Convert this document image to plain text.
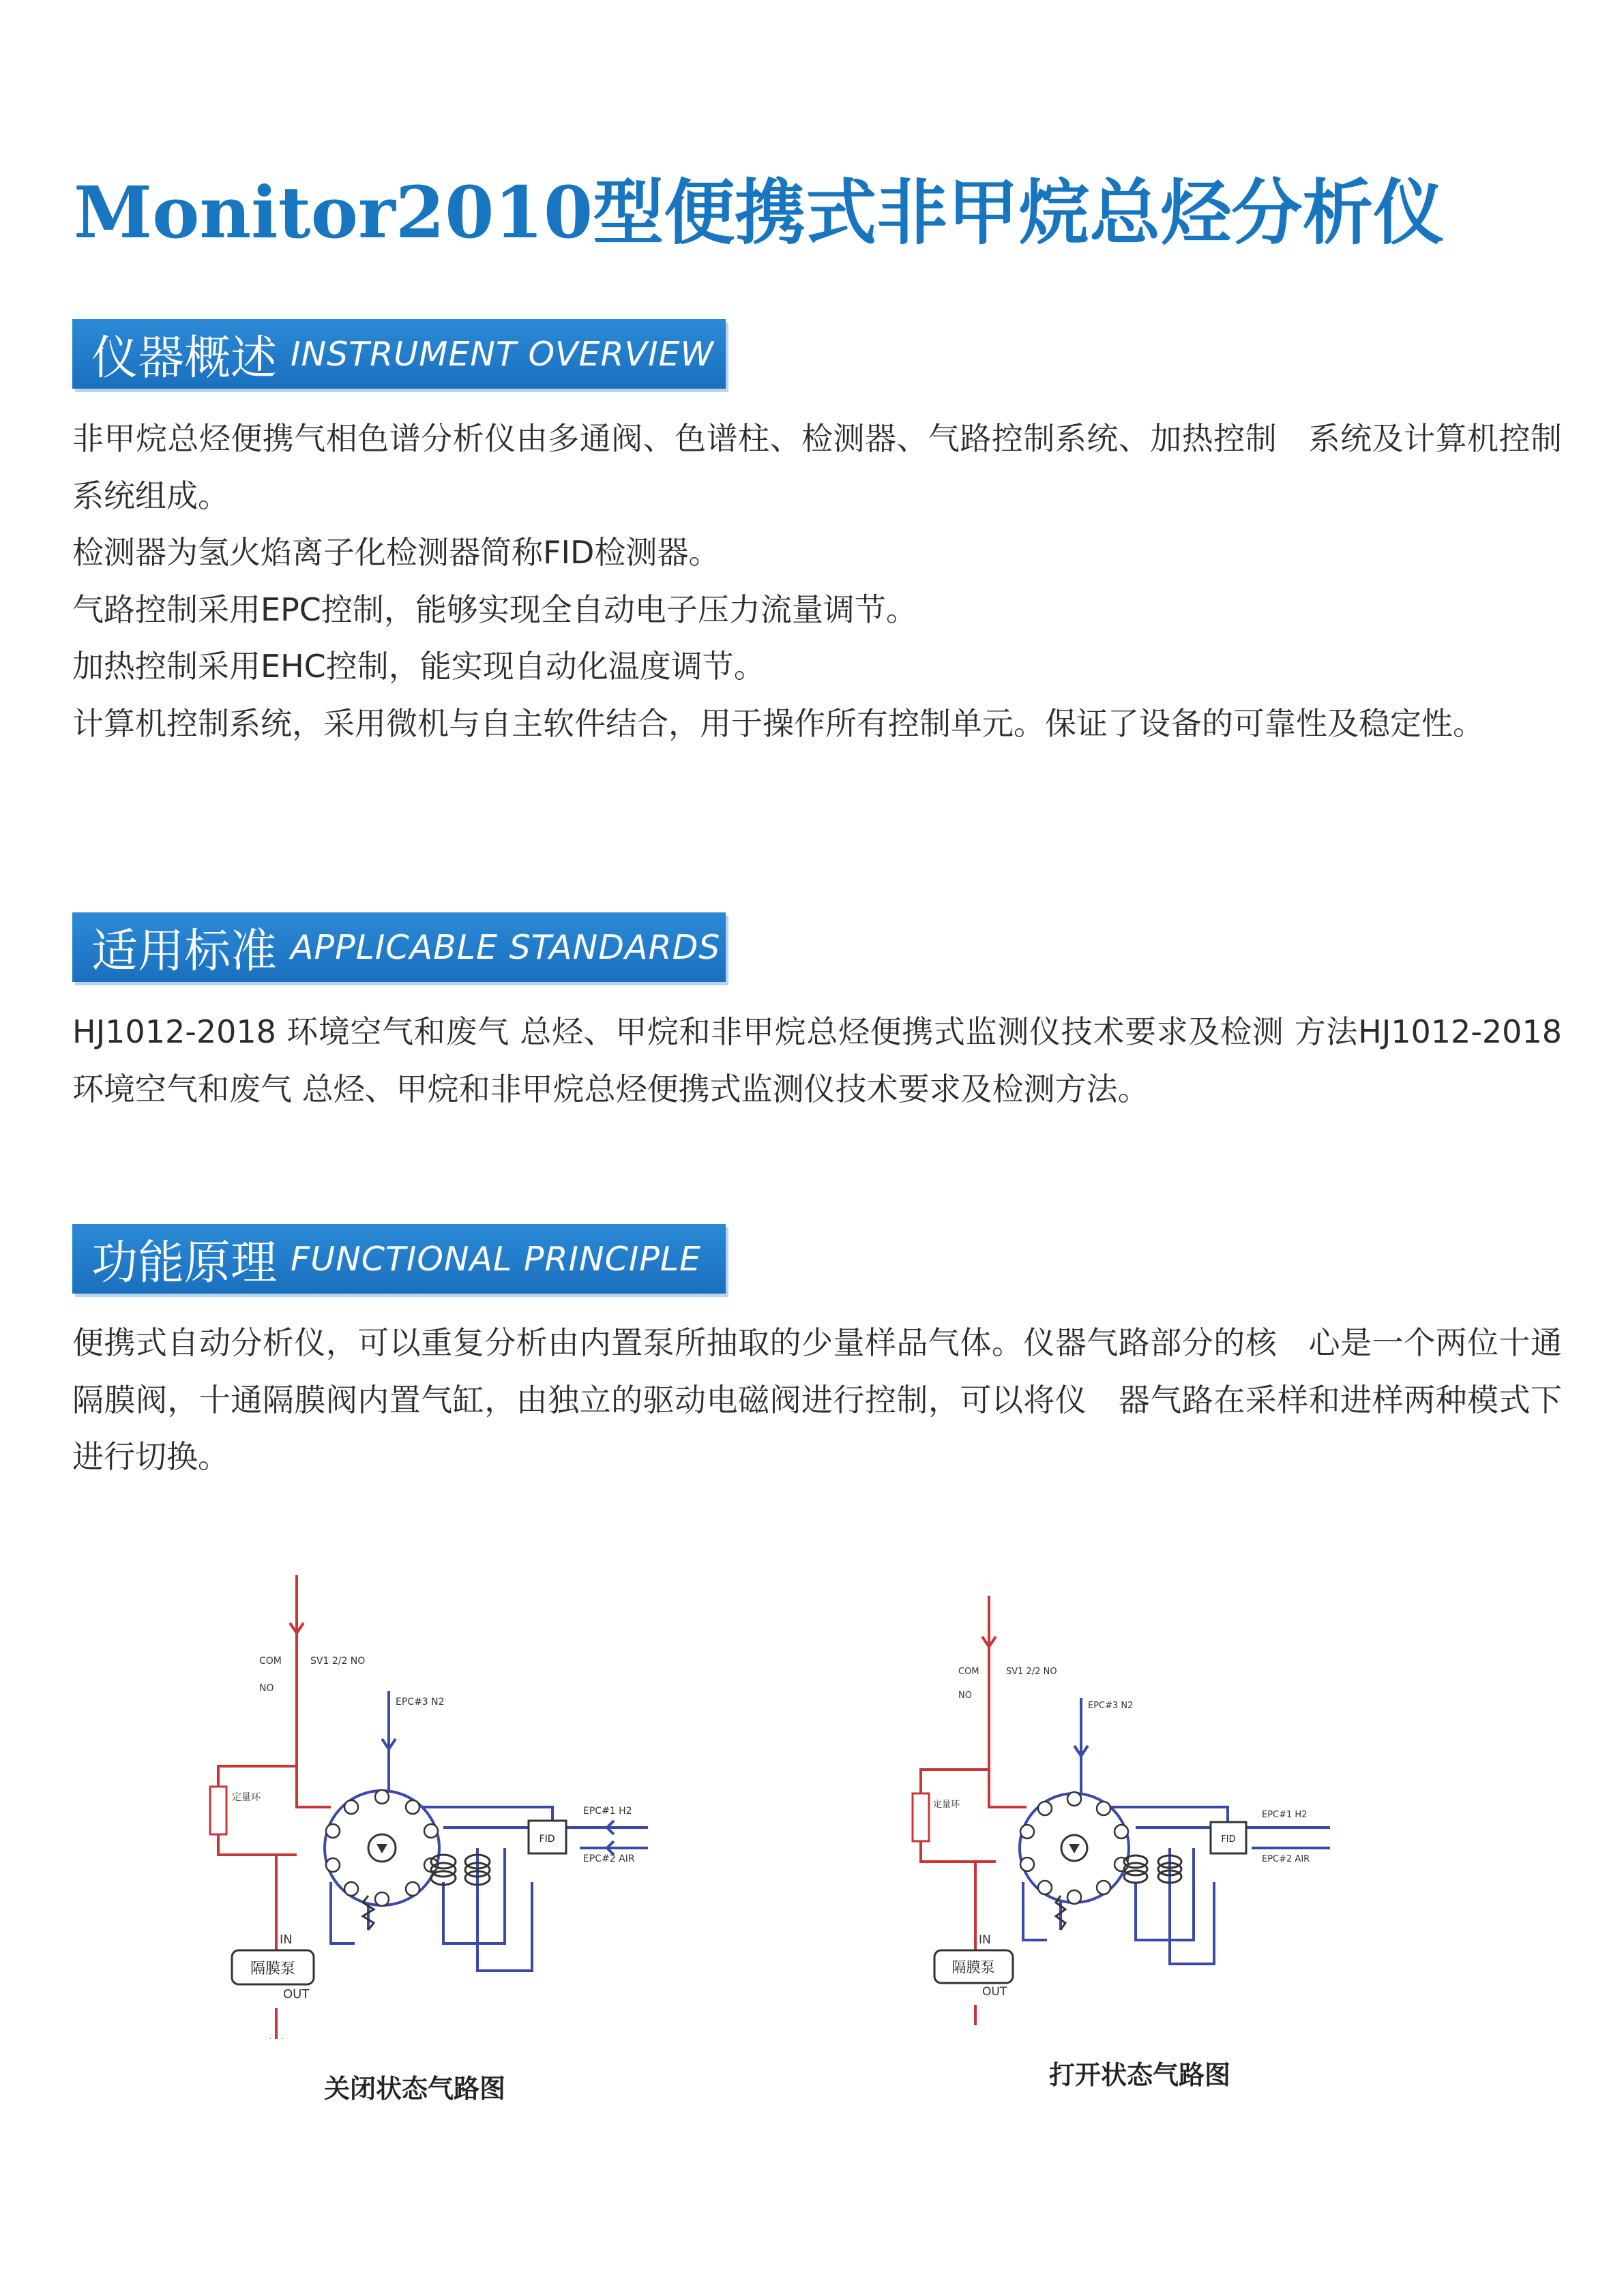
Monitor2010型便携式非甲烷总烃分析仪
仪器概述 INSTRUMENT OVERVIEW

非甲烷总烃便携气相色谱分析仪由多通阀、色谱柱、检测器、气路控制系统、加热控制　系统及计算机控制系统组成。

检测器为氢火焰离子化检测器简称FID检测器。

气路控制采用EPC控制，能够实现全自动电子压力流量调节。

加热控制采用EHC控制，能实现自动化温度调节。

计算机控制系统，采用微机与自主软件结合，用于操作所有控制单元。保证了设备的可靠性及稳定性。

适用标准 APPLICABLE STANDARDS

HJ1012-2018 环境空气和废气 总烃、甲烷和非甲烷总烃便携式监测仪技术要求及检测 方法HJ1012-2018 环境空气和废气 总烃、甲烷和非甲烷总烃便携式监测仪技术要求及检测方法。

功能原理 FUNCTIONAL PRINCIPLE

便携式自动分析仪，可以重复分析由内置泵所抽取的少量样品气体。仪器气路部分的核　心是一个两位十通隔膜阀，十通隔膜阀内置气缸，由独立的驱动电磁阀进行控制，可以将仪　器气路在采样和进样两种模式下进行切换。

FID
隔膜泵
COM
NO
SV1 2/2 NO
EPC#3 N2
EPC#1 H2
EPC#2 AIR
IN
OUT
定量环
关闭状态气路图
FID
隔膜泵
COM
NO
SV1 2/2 NO
EPC#3 N2
EPC#1 H2
EPC#2 AIR
IN
OUT
定量环
打开状态气路图
